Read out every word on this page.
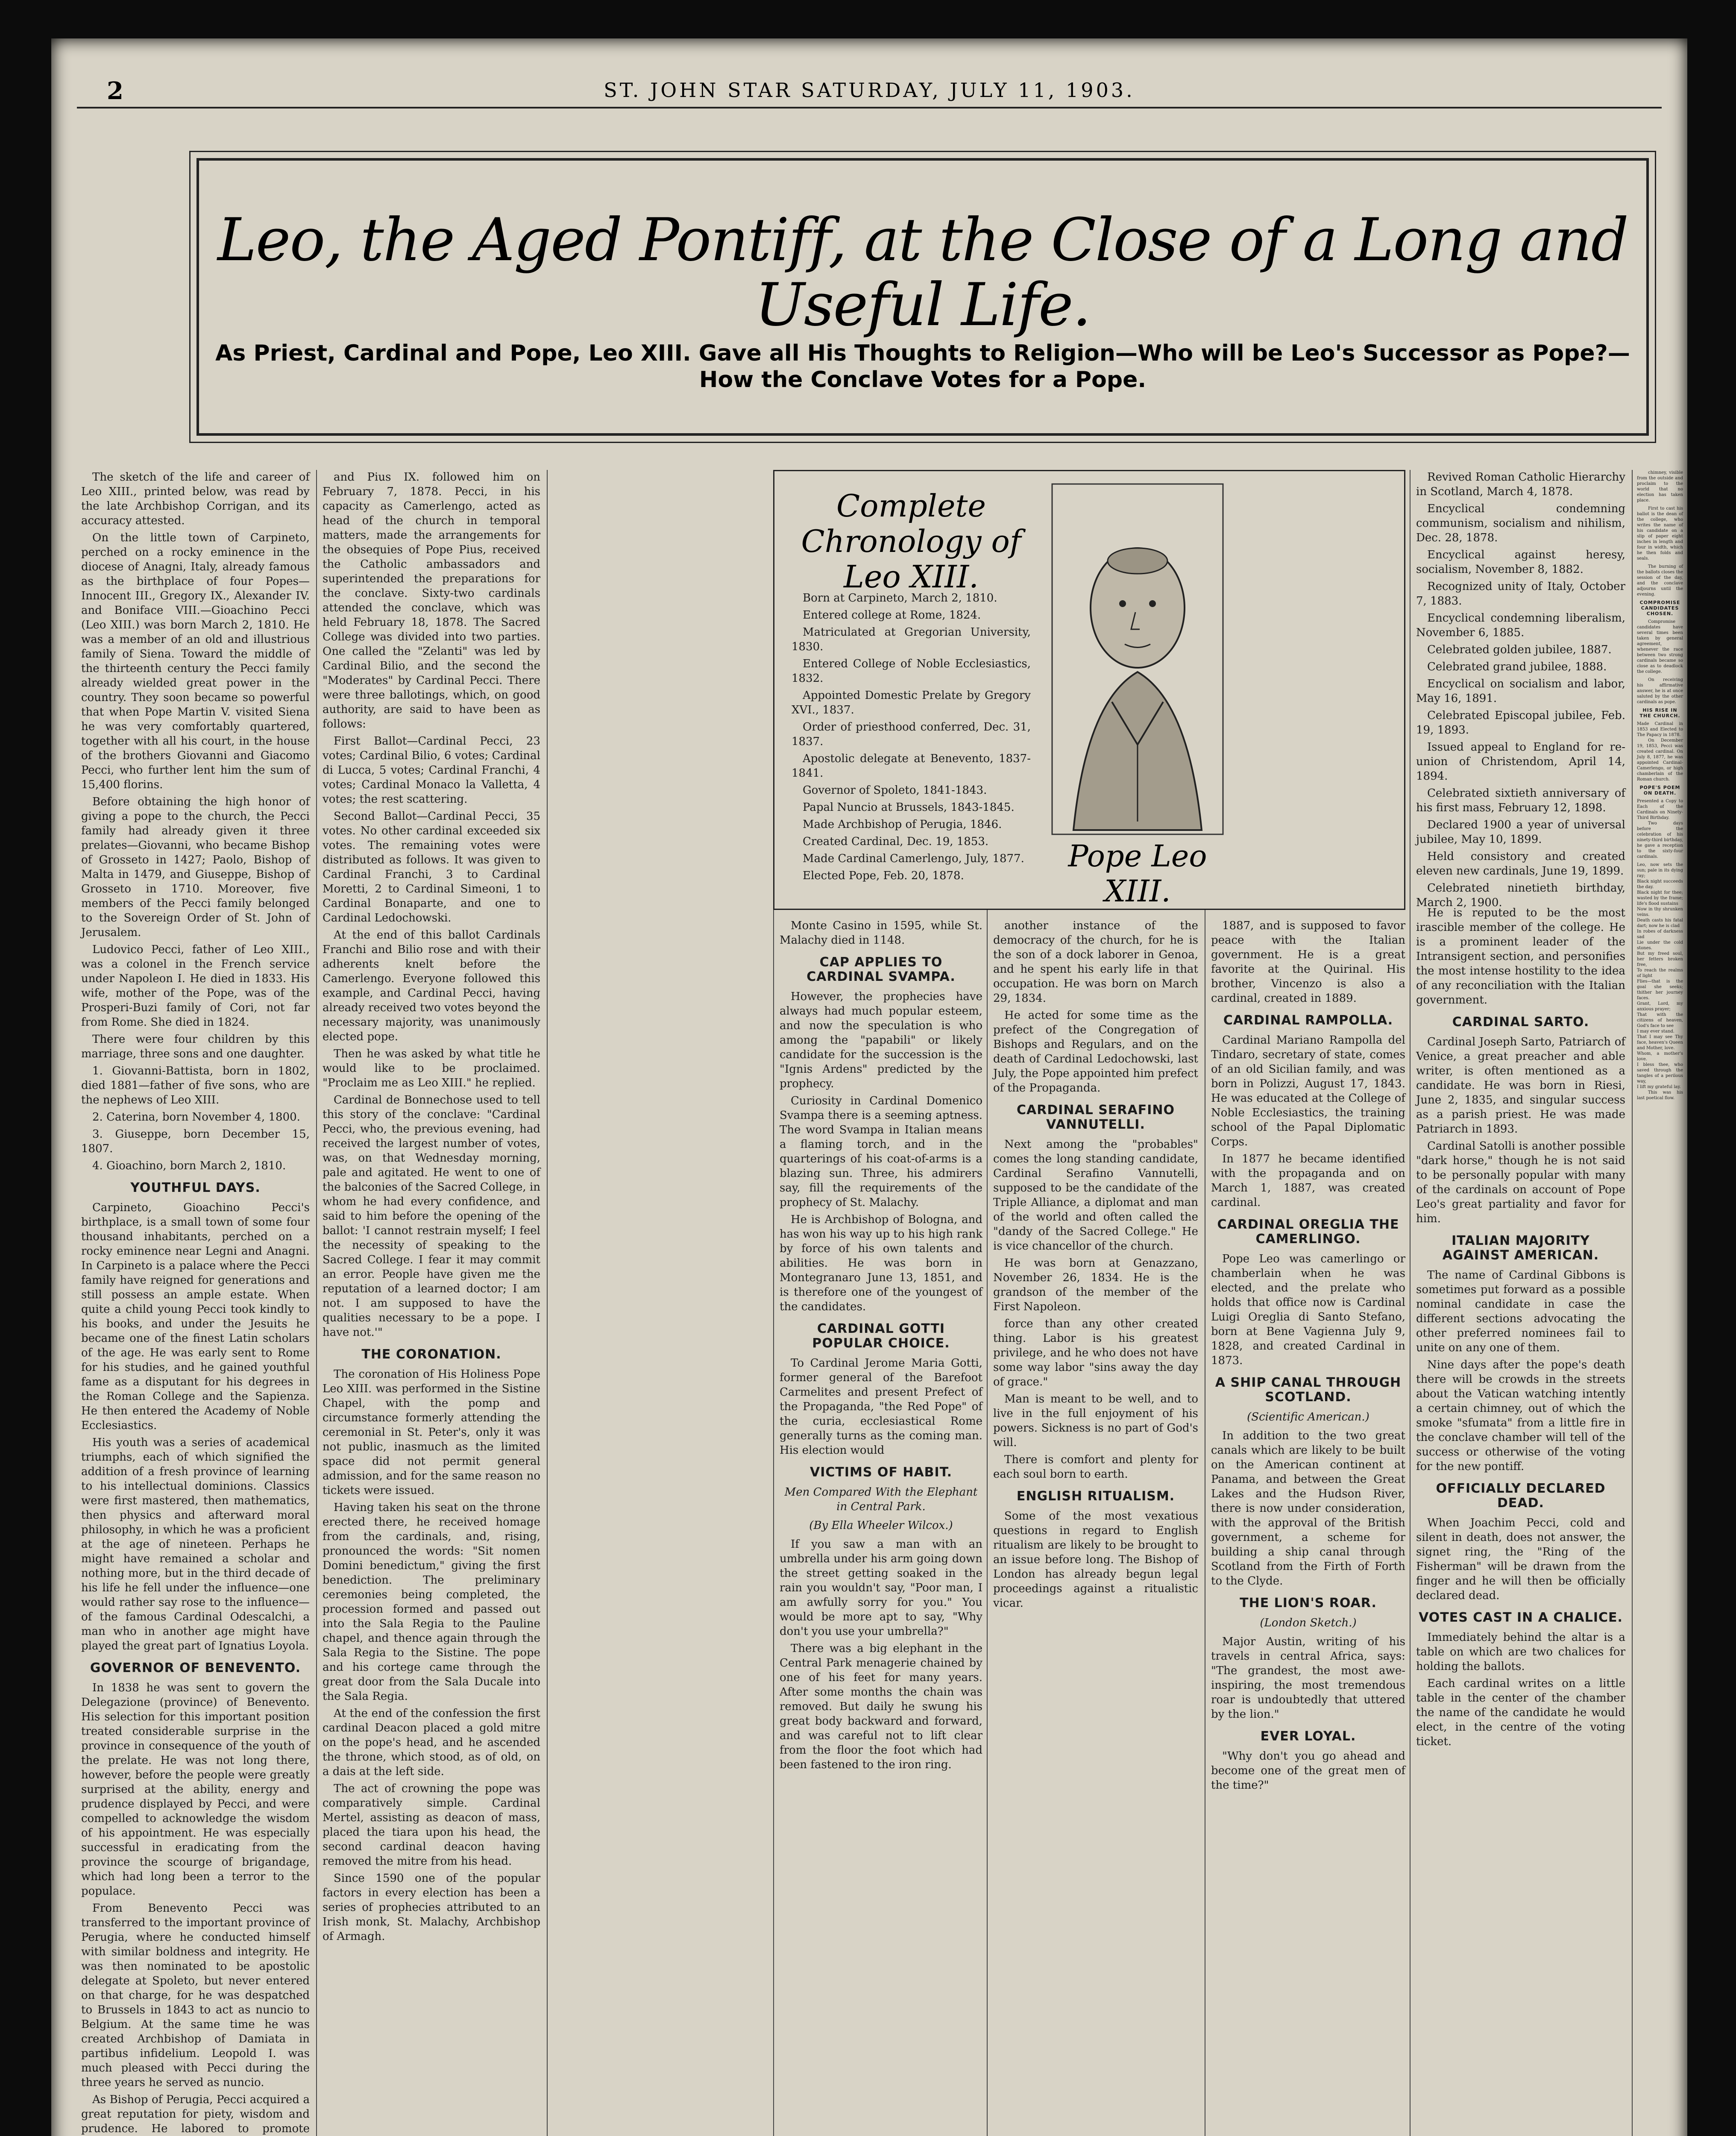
2	ST. JOHN STAR SATURDAY, JULY 11, 1903.
Leo, the Aged Pontiff, at the Close of a Long and Useful Life.
As Priest, Cardinal and Pope, Leo XIII. Gave all His Thoughts to Religion—Who will be Leo's Successor as Pope?—How the Conclave Votes for a Pope.

The sketch of the life and career of Leo XIII., printed below, was read by the late Archbishop Corrigan, and its accuracy attested.

On the little town of Carpineto, perched on a rocky eminence in the diocese of Anagni, Italy, already famous as the birthplace of four Popes—Innocent III., Gregory IX., Alexander IV. and Boniface VIII.—Gioachino Pecci (Leo XIII.) was born March 2, 1810. He was a member of an old and illustrious family of Siena. Toward the middle of the thirteenth century the Pecci family already wielded great power in the country. They soon became so powerful that when Pope Martin V. visited Siena he was very comfortably quartered, together with all his court, in the house of the brothers Giovanni and Giacomo Pecci, who further lent him the sum of 15,400 florins.

Before obtaining the high honor of giving a pope to the church, the Pecci family had already given it three prelates—Giovanni, who became Bishop of Grosseto in 1427; Paolo, Bishop of Malta in 1479, and Giuseppe, Bishop of Grosseto in 1710. Moreover, five members of the Pecci family belonged to the Sovereign Order of St. John of Jerusalem.

Ludovico Pecci, father of Leo XIII., was a colonel in the French service under Napoleon I. He died in 1833. His wife, mother of the Pope, was of the Prosperi-Buzi family of Cori, not far from Rome. She died in 1824.

There were four children by this marriage, three sons and one daughter.

1. Giovanni-Battista, born in 1802, died 1881—father of five sons, who are the nephews of Leo XIII.

2. Caterina, born November 4, 1800.

3. Giuseppe, born December 15, 1807.

4. Gioachino, born March 2, 1810.

YOUTHFUL DAYS.

Carpineto, Gioachino Pecci's birthplace, is a small town of some four thousand inhabitants, perched on a rocky eminence near Legni and Anagni. In Carpineto is a palace where the Pecci family have reigned for generations and still possess an ample estate. When quite a child young Pecci took kindly to his books, and under the Jesuits he became one of the finest Latin scholars of the age. He was early sent to Rome for his studies, and he gained youthful fame as a disputant for his degrees in the Roman College and the Sapienza. He then entered the Academy of Noble Ecclesiastics.

His youth was a series of academical triumphs, each of which signified the addition of a fresh province of learning to his intellectual dominions. Classics were first mastered, then mathematics, then physics and afterward moral philosophy, in which he was a proficient at the age of nineteen. Perhaps he might have remained a scholar and nothing more, but in the third decade of his life he fell under the influence—one would rather say rose to the influence—of the famous Cardinal Odescalchi, a man who in another age might have played the great part of Ignatius Loyola.

GOVERNOR OF BENEVENTO.

In 1838 he was sent to govern the Delegazione (province) of Benevento. His selection for this important position treated considerable surprise in the province in consequence of the youth of the prelate. He was not long there, however, before the people were greatly surprised at the ability, energy and prudence displayed by Pecci, and were compelled to acknowledge the wisdom of his appointment. He was especially successful in eradicating from the province the scourge of brigandage, which had long been a terror to the populace.

From Benevento Pecci was transferred to the important province of Perugia, where he conducted himself with similar boldness and integrity. He was then nominated to be apostolic delegate at Spoleto, but never entered on that charge, for he was despatched to Brussels in 1843 to act as nuncio to Belgium. At the same time he was created Archbishop of Damiata in partibus infidelium. Leopold I. was much pleased with Pecci during the three years he served as nuncio.

As Bishop of Perugia, Pecci acquired a great reputation for piety, wisdom and prudence. He labored to promote

and Pius IX. followed him on February 7, 1878. Pecci, in his capacity as Camerlengo, acted as head of the church in temporal matters, made the arrangements for the obsequies of Pope Pius, received the Catholic ambassadors and superintended the preparations for the conclave. Sixty-two cardinals attended the conclave, which was held February 18, 1878. The Sacred College was divided into two parties. One called the "Zelanti" was led by Cardinal Bilio, and the second the "Moderates" by Cardinal Pecci. There were three ballotings, which, on good authority, are said to have been as follows:

First Ballot—Cardinal Pecci, 23 votes; Cardinal Bilio, 6 votes; Cardinal di Lucca, 5 votes; Cardinal Franchi, 4 votes; Cardinal Monaco la Valletta, 4 votes; the rest scattering.

Second Ballot—Cardinal Pecci, 35 votes. No other cardinal exceeded six votes. The remaining votes were distributed as follows. It was given to Cardinal Franchi, 3 to Cardinal Moretti, 2 to Cardinal Simeoni, 1 to Cardinal Bonaparte, and one to Cardinal Ledochowski.

At the end of this ballot Cardinals Franchi and Bilio rose and with their adherents knelt before the Camerlengo. Everyone followed this example, and Cardinal Pecci, having already received two votes beyond the necessary majority, was unanimously elected pope.

Then he was asked by what title he would like to be proclaimed. "Proclaim me as Leo XIII." he replied.

Cardinal de Bonnechose used to tell this story of the conclave: "Cardinal Pecci, who, the previous evening, had received the largest number of votes, was, on that Wednesday morning, pale and agitated. He went to one of the balconies of the Sacred College, in whom he had every confidence, and said to him before the opening of the ballot: 'I cannot restrain myself; I feel the necessity of speaking to the Sacred College. I fear it may commit an error. People have given me the reputation of a learned doctor; I am not. I am supposed to have the qualities necessary to be a pope. I have not.'"

THE CORONATION.

The coronation of His Holiness Pope Leo XIII. was performed in the Sistine Chapel, with the pomp and circumstance formerly attending the ceremonial in St. Peter's, only it was not public, inasmuch as the limited space did not permit general admission, and for the same reason no tickets were issued.

Having taken his seat on the throne erected there, he received homage from the cardinals, and, rising, pronounced the words: "Sit nomen Domini benedictum," giving the first benediction. The preliminary ceremonies being completed, the procession formed and passed out into the Sala Regia to the Pauline chapel, and thence again through the Sala Regia to the Sistine. The pope and his cortege came through the great door from the Sala Ducale into the Sala Regia.

At the end of the confession the first cardinal Deacon placed a gold mitre on the pope's head, and he ascended the throne, which stood, as of old, on a dais at the left side.

The act of crowning the pope was comparatively simple. Cardinal Mertel, assisting as deacon of mass, placed the tiara upon his head, the second cardinal deacon having removed the mitre from his head.

Since 1590 one of the popular factors in every election has been a series of prophecies attributed to an Irish monk, St. Malachy, Archbishop of Armagh.

Complete Chronology of Leo XIII.

Born at Carpineto, March 2, 1810.

Entered college at Rome, 1824.

Matriculated at Gregorian University, 1830.

Entered College of Noble Ecclesiastics, 1832.

Appointed Domestic Prelate by Gregory XVI., 1837.

Order of priesthood conferred, Dec. 31, 1837.

Apostolic delegate at Benevento, 1837-1841.

Governor of Spoleto, 1841-1843.

Papal Nuncio at Brussels, 1843-1845.

Made Archbishop of Perugia, 1846.

Created Cardinal, Dec. 19, 1853.

Made Cardinal Camerlengo, July, 1877.

Elected Pope, Feb. 20, 1878.

Pope Leo XIII.

Revived Roman Catholic Hierarchy in Scotland, March 4, 1878.

Encyclical condemning communism, socialism and nihilism, Dec. 28, 1878.

Encyclical against heresy, socialism, November 8, 1882.

Recognized unity of Italy, October 7, 1883.

Encyclical condemning liberalism, November 6, 1885.

Celebrated golden jubilee, 1887.

Celebrated grand jubilee, 1888.

Encyclical on socialism and labor, May 16, 1891.

Celebrated Episcopal jubilee, Feb. 19, 1893.

Issued appeal to England for re-union of Christendom, April 14, 1894.

Celebrated sixtieth anniversary of his first mass, February 12, 1898.

Declared 1900 a year of universal jubilee, May 10, 1899.

Held consistory and created eleven new cardinals, June 19, 1899.

Celebrated ninetieth birthday, March 2, 1900.

Monte Casino in 1595, while St. Malachy died in 1148.

CAP APPLIES TO CARDINAL SVAMPA.

However, the prophecies have always had much popular esteem, and now the speculation is who among the "papabili" or likely candidate for the succession is the "Ignis Ardens" predicted by the prophecy.

Curiosity in Cardinal Domenico Svampa there is a seeming aptness. The word Svampa in Italian means a flaming torch, and in the quarterings of his coat-of-arms is a blazing sun. Three, his admirers say, fill the requirements of the prophecy of St. Malachy.

He is Archbishop of Bologna, and has won his way up to his high rank by force of his own talents and abilities. He was born in Montegranaro June 13, 1851, and is therefore one of the youngest of the candidates.

CARDINAL GOTTI POPULAR CHOICE.

To Cardinal Jerome Maria Gotti, former general of the Barefoot Carmelites and present Prefect of the Propaganda, "the Red Pope" of the curia, ecclesiastical Rome generally turns as the coming man. His election would

VICTIMS OF HABIT.
Men Compared With the Elephant in Central Park.
(By Ella Wheeler Wilcox.)

If you saw a man with an umbrella under his arm going down the street getting soaked in the rain you wouldn't say, "Poor man, I am awfully sorry for you." You would be more apt to say, "Why don't you use your umbrella?"

There was a big elephant in the Central Park menagerie chained by one of his feet for many years. After some months the chain was removed. But daily he swung his great body backward and forward, and was careful not to lift clear from the floor the foot which had been fastened to the iron ring.

another instance of the democracy of the church, for he is the son of a dock laborer in Genoa, and he spent his early life in that occupation. He was born on March 29, 1834.

He acted for some time as the prefect of the Congregation of Bishops and Regulars, and on the death of Cardinal Ledochowski, last July, the Pope appointed him prefect of the Propaganda.

CARDINAL SERAFINO VANNUTELLI.

Next among the "probables" comes the long standing candidate, Cardinal Serafino Vannutelli, supposed to be the candidate of the Triple Alliance, a diplomat and man of the world and often called the "dandy of the Sacred College." He is vice chancellor of the church.

He was born at Genazzano, November 26, 1834. He is the grandson of the member of the First Napoleon.

force than any other created thing. Labor is his greatest privilege, and he who does not have some way labor "sins away the day of grace."

Man is meant to be well, and to live in the full enjoyment of his powers. Sickness is no part of God's will.

There is comfort and plenty for each soul born to earth.

ENGLISH RITUALISM.

Some of the most vexatious questions in regard to English ritualism are likely to be brought to an issue before long. The Bishop of London has already begun legal proceedings against a ritualistic vicar.

1887, and is supposed to favor peace with the Italian government. He is a great favorite at the Quirinal. His brother, Vincenzo is also a cardinal, created in 1889.

CARDINAL RAMPOLLA.

Cardinal Mariano Rampolla del Tindaro, secretary of state, comes of an old Sicilian family, and was born in Polizzi, August 17, 1843. He was educated at the College of Noble Ecclesiastics, the training school of the Papal Diplomatic Corps.

In 1877 he became identified with the propaganda and on March 1, 1887, was created cardinal.

CARDINAL OREGLIA THE CAMERLINGO.

Pope Leo was camerlingo or chamberlain when he was elected, and the prelate who holds that office now is Cardinal Luigi Oreglia di Santo Stefano, born at Bene Vagienna July 9, 1828, and created Cardinal in 1873.

A SHIP CANAL THROUGH SCOTLAND.
(Scientific American.)

In addition to the two great canals which are likely to be built on the American continent at Panama, and between the Great Lakes and the Hudson River, there is now under consideration, with the approval of the British government, a scheme for building a ship canal through Scotland from the Firth of Forth to the Clyde.

THE LION'S ROAR.
(London Sketch.)

Major Austin, writing of his travels in central Africa, says: "The grandest, the most awe-inspiring, the most tremendous roar is undoubtedly that uttered by the lion."

EVER LOYAL.

"Why don't you go ahead and become one of the great men of the time?"

He is reputed to be the most irascible member of the college. He is a prominent leader of the Intransigent section, and personifies the most intense hostility to the idea of any reconciliation with the Italian government.

CARDINAL SARTO.

Cardinal Joseph Sarto, Patriarch of Venice, a great preacher and able writer, is often mentioned as a candidate. He was born in Riesi, June 2, 1835, and singular success as a parish priest. He was made Patriarch in 1893.

Cardinal Satolli is another possible "dark horse," though he is not said to be personally popular with many of the cardinals on account of Pope Leo's great partiality and favor for him.

ITALIAN MAJORITY AGAINST AMERICAN.

The name of Cardinal Gibbons is sometimes put forward as a possible nominal candidate in case the different sections advocating the other preferred nominees fail to unite on any one of them.

Nine days after the pope's death there will be crowds in the streets about the Vatican watching intently a certain chimney, out of which the smoke "sfumata" from a little fire in the conclave chamber will tell of the success or otherwise of the voting for the new pontiff.

OFFICIALLY DECLARED DEAD.

When Joachim Pecci, cold and silent in death, does not answer, the signet ring, the "Ring of the Fisherman" will be drawn from the finger and he will then be officially declared dead.

VOTES CAST IN A CHALICE.

Immediately behind the altar is a table on which are two chalices for holding the ballots.

Each cardinal writes on a little table in the center of the chamber the name of the candidate he would elect, in the centre of the voting ticket.

chimney, visible from the outside and proclaim to the world that no election has taken place.

First to cast his ballot is the dean of the college, who writes the name of his candidate on a slip of paper eight inches in length and four in width, which he then folds and seals.

The burning of the ballots closes the session of the day, and the conclave adjourns until the evening.

COMPROMISE CANDIDATES CHOSEN.

Compromise candidates have several times been taken by general agreement, whenever the race between two strong cardinals became so close as to deadlock the college.

On receiving his affirmative answer, he is at once saluted by the other cardinals as pope.

HIS RISE IN THE CHURCH.
Made Cardinal in 1853 and Elected to The Papacy in 1878.

On December 19, 1853, Pecci was created cardinal. On July 8, 1877, he was appointed Cardinal-Camerlengo, or high chamberlain of the Roman church.

POPE'S POEM ON DEATH.
Presented a Copy to Each of the Cardinals on Ninety-Third Birthday.

Two days before the celebration of his ninety-third birthday, he gave a reception to the sixty-four cardinals.

Leo, now sets the sun; pale in its dying ray;
Black night succeeds the day.
Black night for thee; wasted by the frame; life's flood sustains
Now in thy shrunken veins.
Death casts his fatal dart; now he is clad
In robes of darkness sad
Lie under the cold stones.
But my freed soul, her fetters broken free,
To reach the realms of light
Flies—that is the goal she seeks; thither her journey faces.
Grant, Lord, my anxious prayer;
That with the citizens of heaven, God's face to see
I may ever stand.
That I may see Thy face, heaven's Queen and Mother, love.
Whom, a mother's love.
I bless thee, who saved through the tangles of a perilous way,
I lift my grateful lay.

This was his last poetical flow.
